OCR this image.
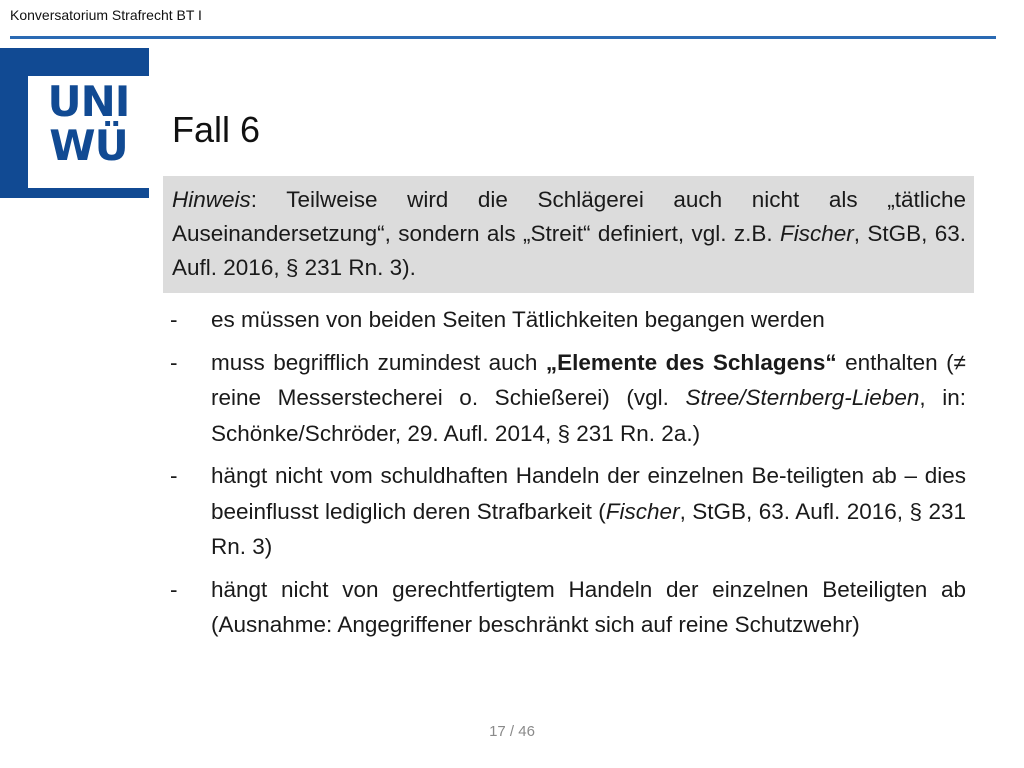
Konversatorium Strafrecht BT I
UNI
WÜ	Fall 6
Hinweis: Teilweise wird die Schlägerei auch nicht als „tätliche Auseinandersetzung“, sondern als „Streit“ definiert, vgl. z.B. Fischer, StGB, 63. Aufl. 2016, § 231 Rn. 3).
- es müssen von beiden Seiten Tätlichkeiten begangen werden
- muss begrifflich zumindest auch „Elemente des Schlagens“ enthalten (≠ reine Messerstecherei o. Schießerei) (vgl. Stree/Sternberg-Lieben, in: Schönke/Schröder, 29. Aufl. 2014, § 231 Rn. 2a.)
- hängt nicht vom schuldhaften Handeln der einzelnen Be-teiligten ab – dies beeinflusst lediglich deren Strafbarkeit (Fischer, StGB, 63. Aufl. 2016, § 231 Rn. 3)
- hängt nicht von gerechtfertigtem Handeln der einzelnen Beteiligten ab (Ausnahme: Angegriffener beschränkt sich auf reine Schutzwehr)
17 / 46
